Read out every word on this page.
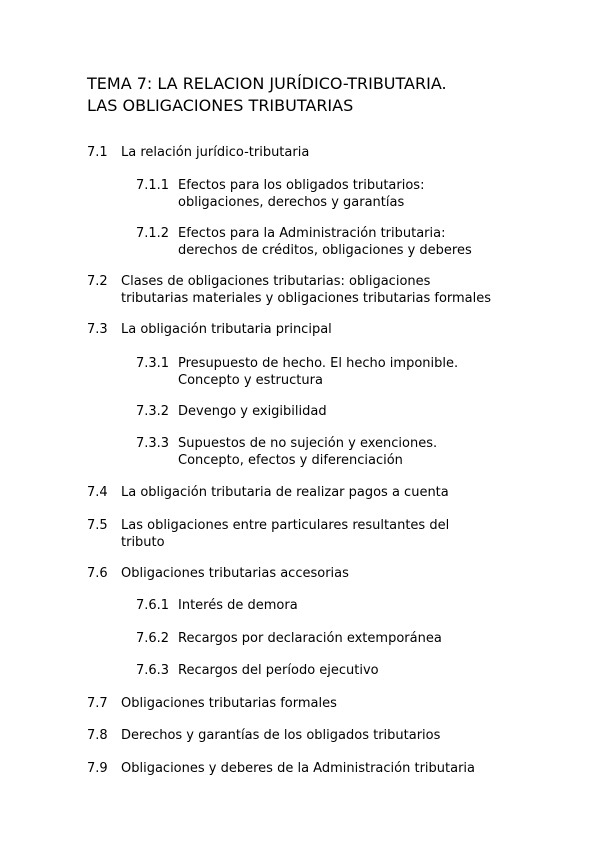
TEMA 7: LA RELACION JURÍDICO-TRIBUTARIA.
LAS OBLIGACIONES TRIBUTARIAS
7.1 La relación jurídico-tributaria
7.1.1 Efectos para los obligados tributarios:
obligaciones, derechos y garantías
7.1.2 Efectos para la Administración tributaria:
derechos de créditos, obligaciones y deberes
7.2 Clases de obligaciones tributarias: obligaciones
tributarias materiales y obligaciones tributarias formales
7.3 La obligación tributaria principal
7.3.1 Presupuesto de hecho. El hecho imponible.
Concepto y estructura
7.3.2 Devengo y exigibilidad
7.3.3 Supuestos de no sujeción y exenciones.
Concepto, efectos y diferenciación
7.4 La obligación tributaria de realizar pagos a cuenta
7.5 Las obligaciones entre particulares resultantes del
tributo
7.6 Obligaciones tributarias accesorias
7.6.1 Interés de demora
7.6.2 Recargos por declaración extemporánea
7.6.3 Recargos del período ejecutivo
7.7 Obligaciones tributarias formales
7.8 Derechos y garantías de los obligados tributarios
7.9 Obligaciones y deberes de la Administración tributaria
